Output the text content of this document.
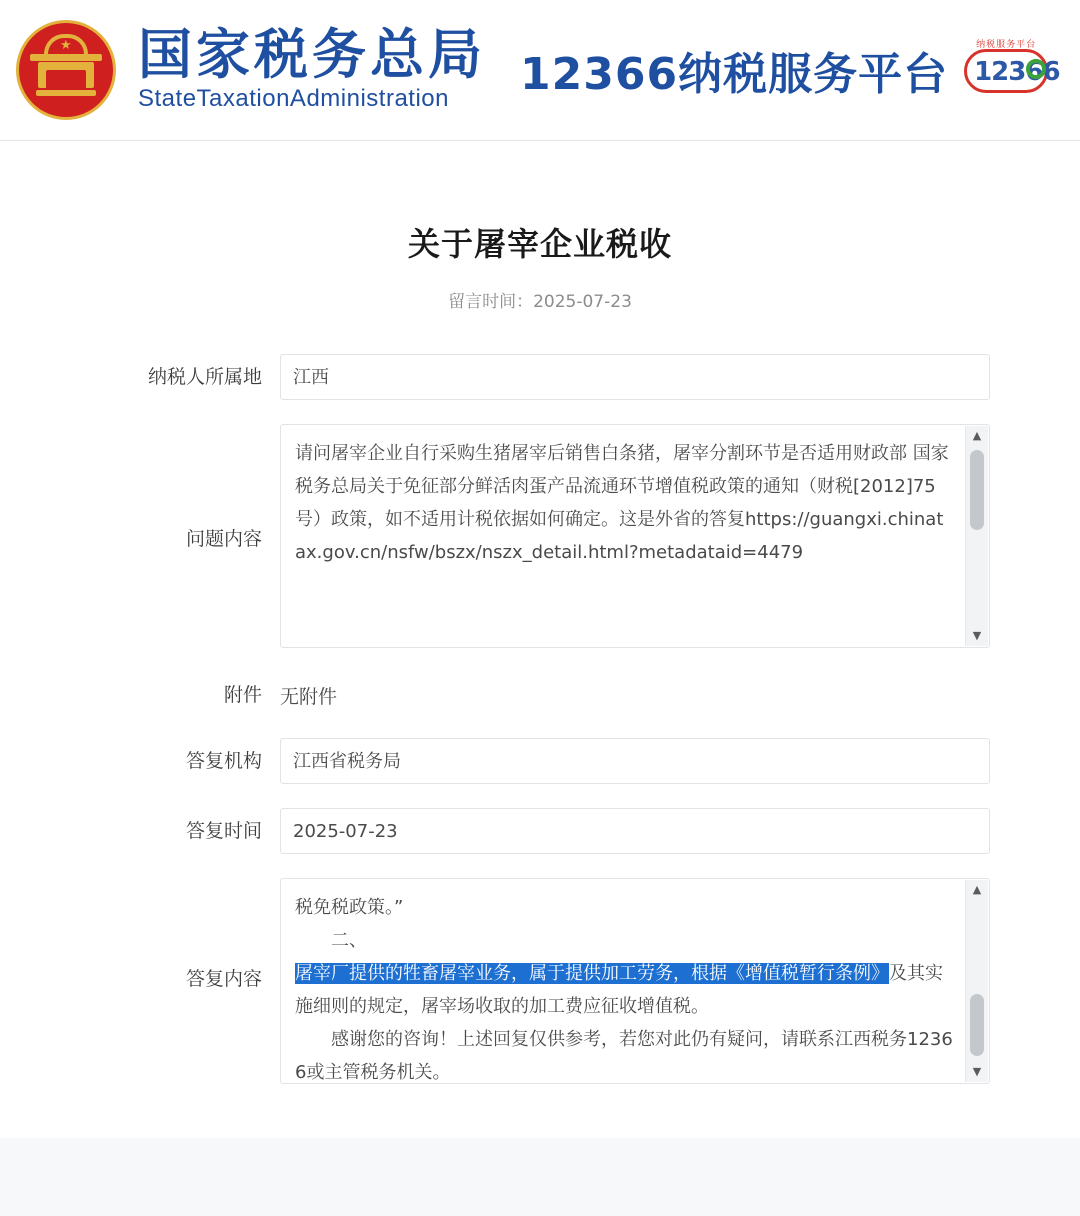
★ 国家税务总局
StateTaxationAdministration	12366纳税服务平台
纳税服务平台
12366
关于屠宰企业税收
留言时间：2025-07-23
纳税人所属地	江西
问题内容
请问屠宰企业自行采购生猪屠宰后销售白条猪，屠宰分割环节是否适用财政部 国家税务总局关于免征部分鲜活肉蛋产品流通环节增值税政策的通知（财税[2012]75号）政策，如不适用计税依据如何确定。这是外省的答复https://guangxi.chinatax.gov.cn/nsfw/bszx/nszx_detail.html?metadataid=4479
▲
▼
附件 无附件
答复机构	江西省税务局
答复时间	2025-07-23
答复内容
税免税政策。”
二、屠宰厂提供的牲畜屠宰业务，属于提供加工劳务，根据《增值税暂行条例》及其实施细则的规定，屠宰场收取的加工费应征收增值税。
感谢您的咨询！上述回复仅供参考，若您对此仍有疑问，请联系江西税务12366或主管税务机关。
▲
▼
